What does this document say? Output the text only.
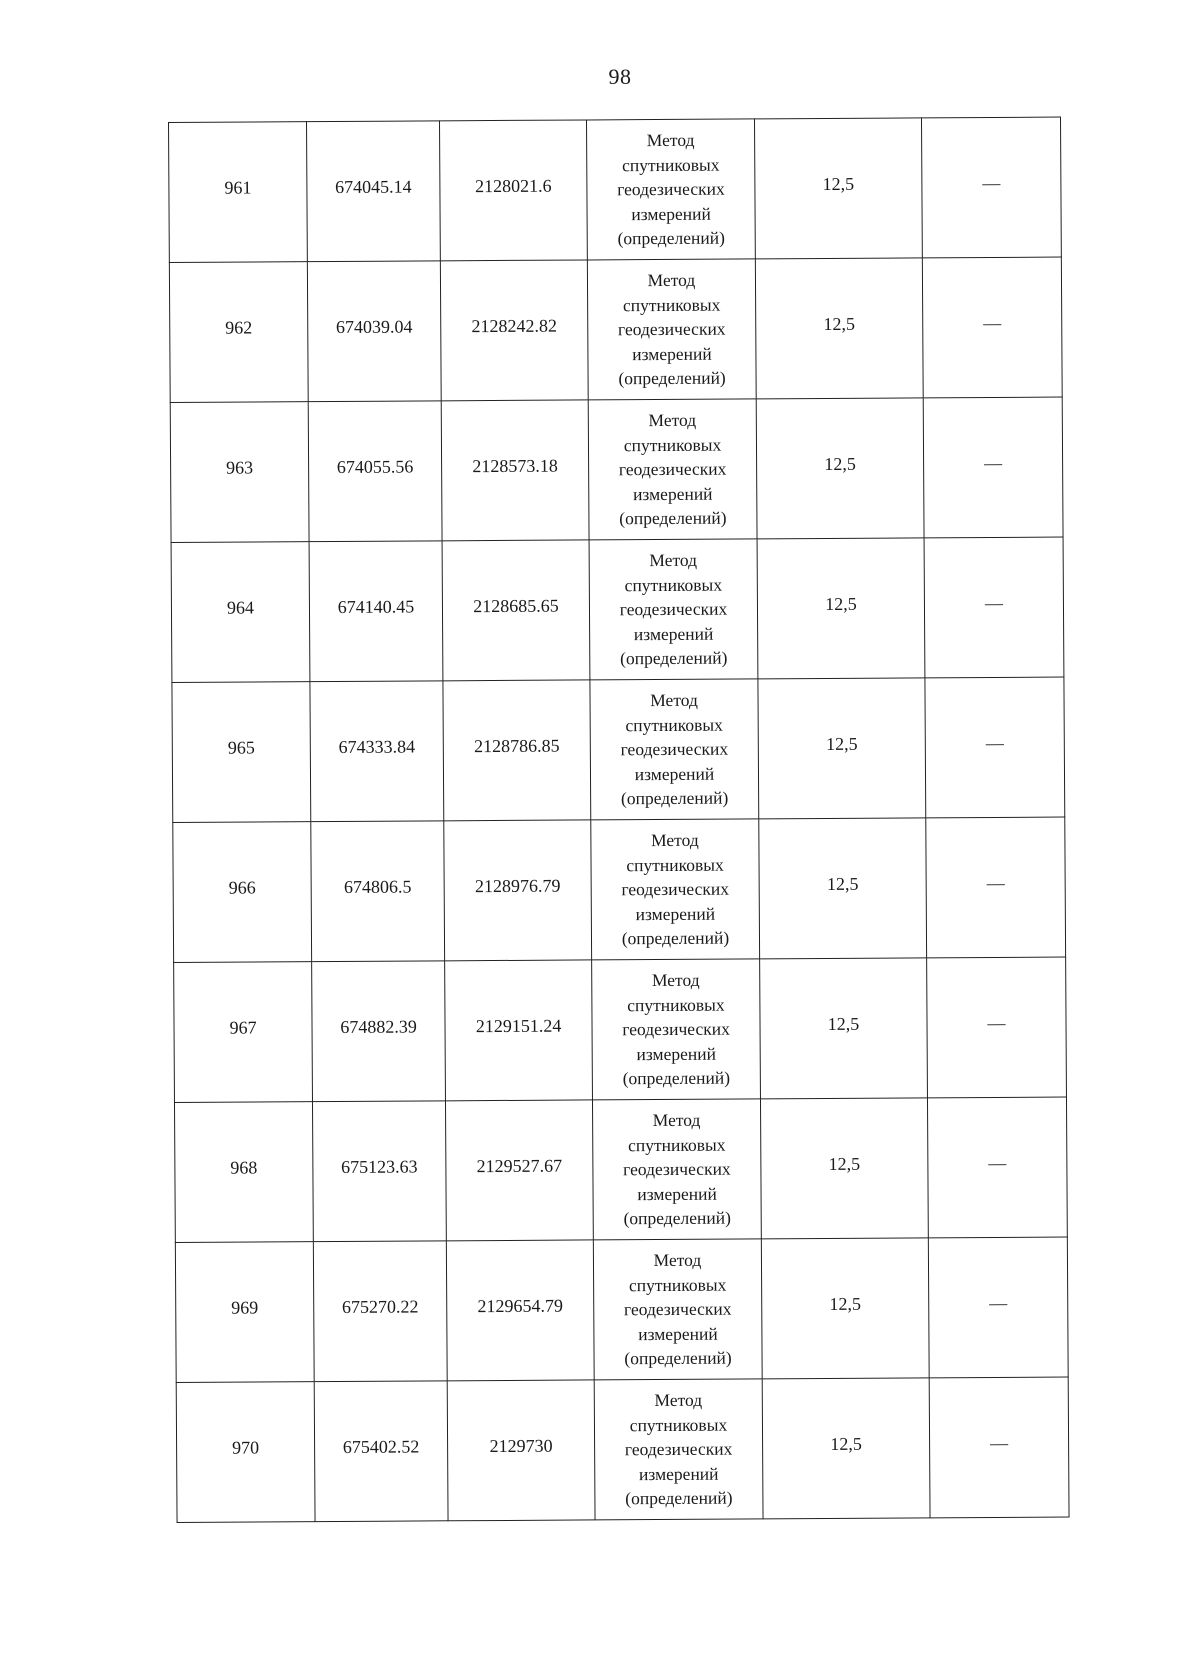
98
961	674045.14	2128021.6	Метод
спутниковых
геодезических
измерений
(определений)	12,5	—
962	674039.04	2128242.82	Метод
спутниковых
геодезических
измерений
(определений)	12,5	—
963	674055.56	2128573.18	Метод
спутниковых
геодезических
измерений
(определений)	12,5	—
964	674140.45	2128685.65	Метод
спутниковых
геодезических
измерений
(определений)	12,5	—
965	674333.84	2128786.85	Метод
спутниковых
геодезических
измерений
(определений)	12,5	—
966	674806.5	2128976.79	Метод
спутниковых
геодезических
измерений
(определений)	12,5	—
967	674882.39	2129151.24	Метод
спутниковых
геодезических
измерений
(определений)	12,5	—
968	675123.63	2129527.67	Метод
спутниковых
геодезических
измерений
(определений)	12,5	—
969	675270.22	2129654.79	Метод
спутниковых
геодезических
измерений
(определений)	12,5	—
970	675402.52	2129730	Метод
спутниковых
геодезических
измерений
(определений)	12,5	—
